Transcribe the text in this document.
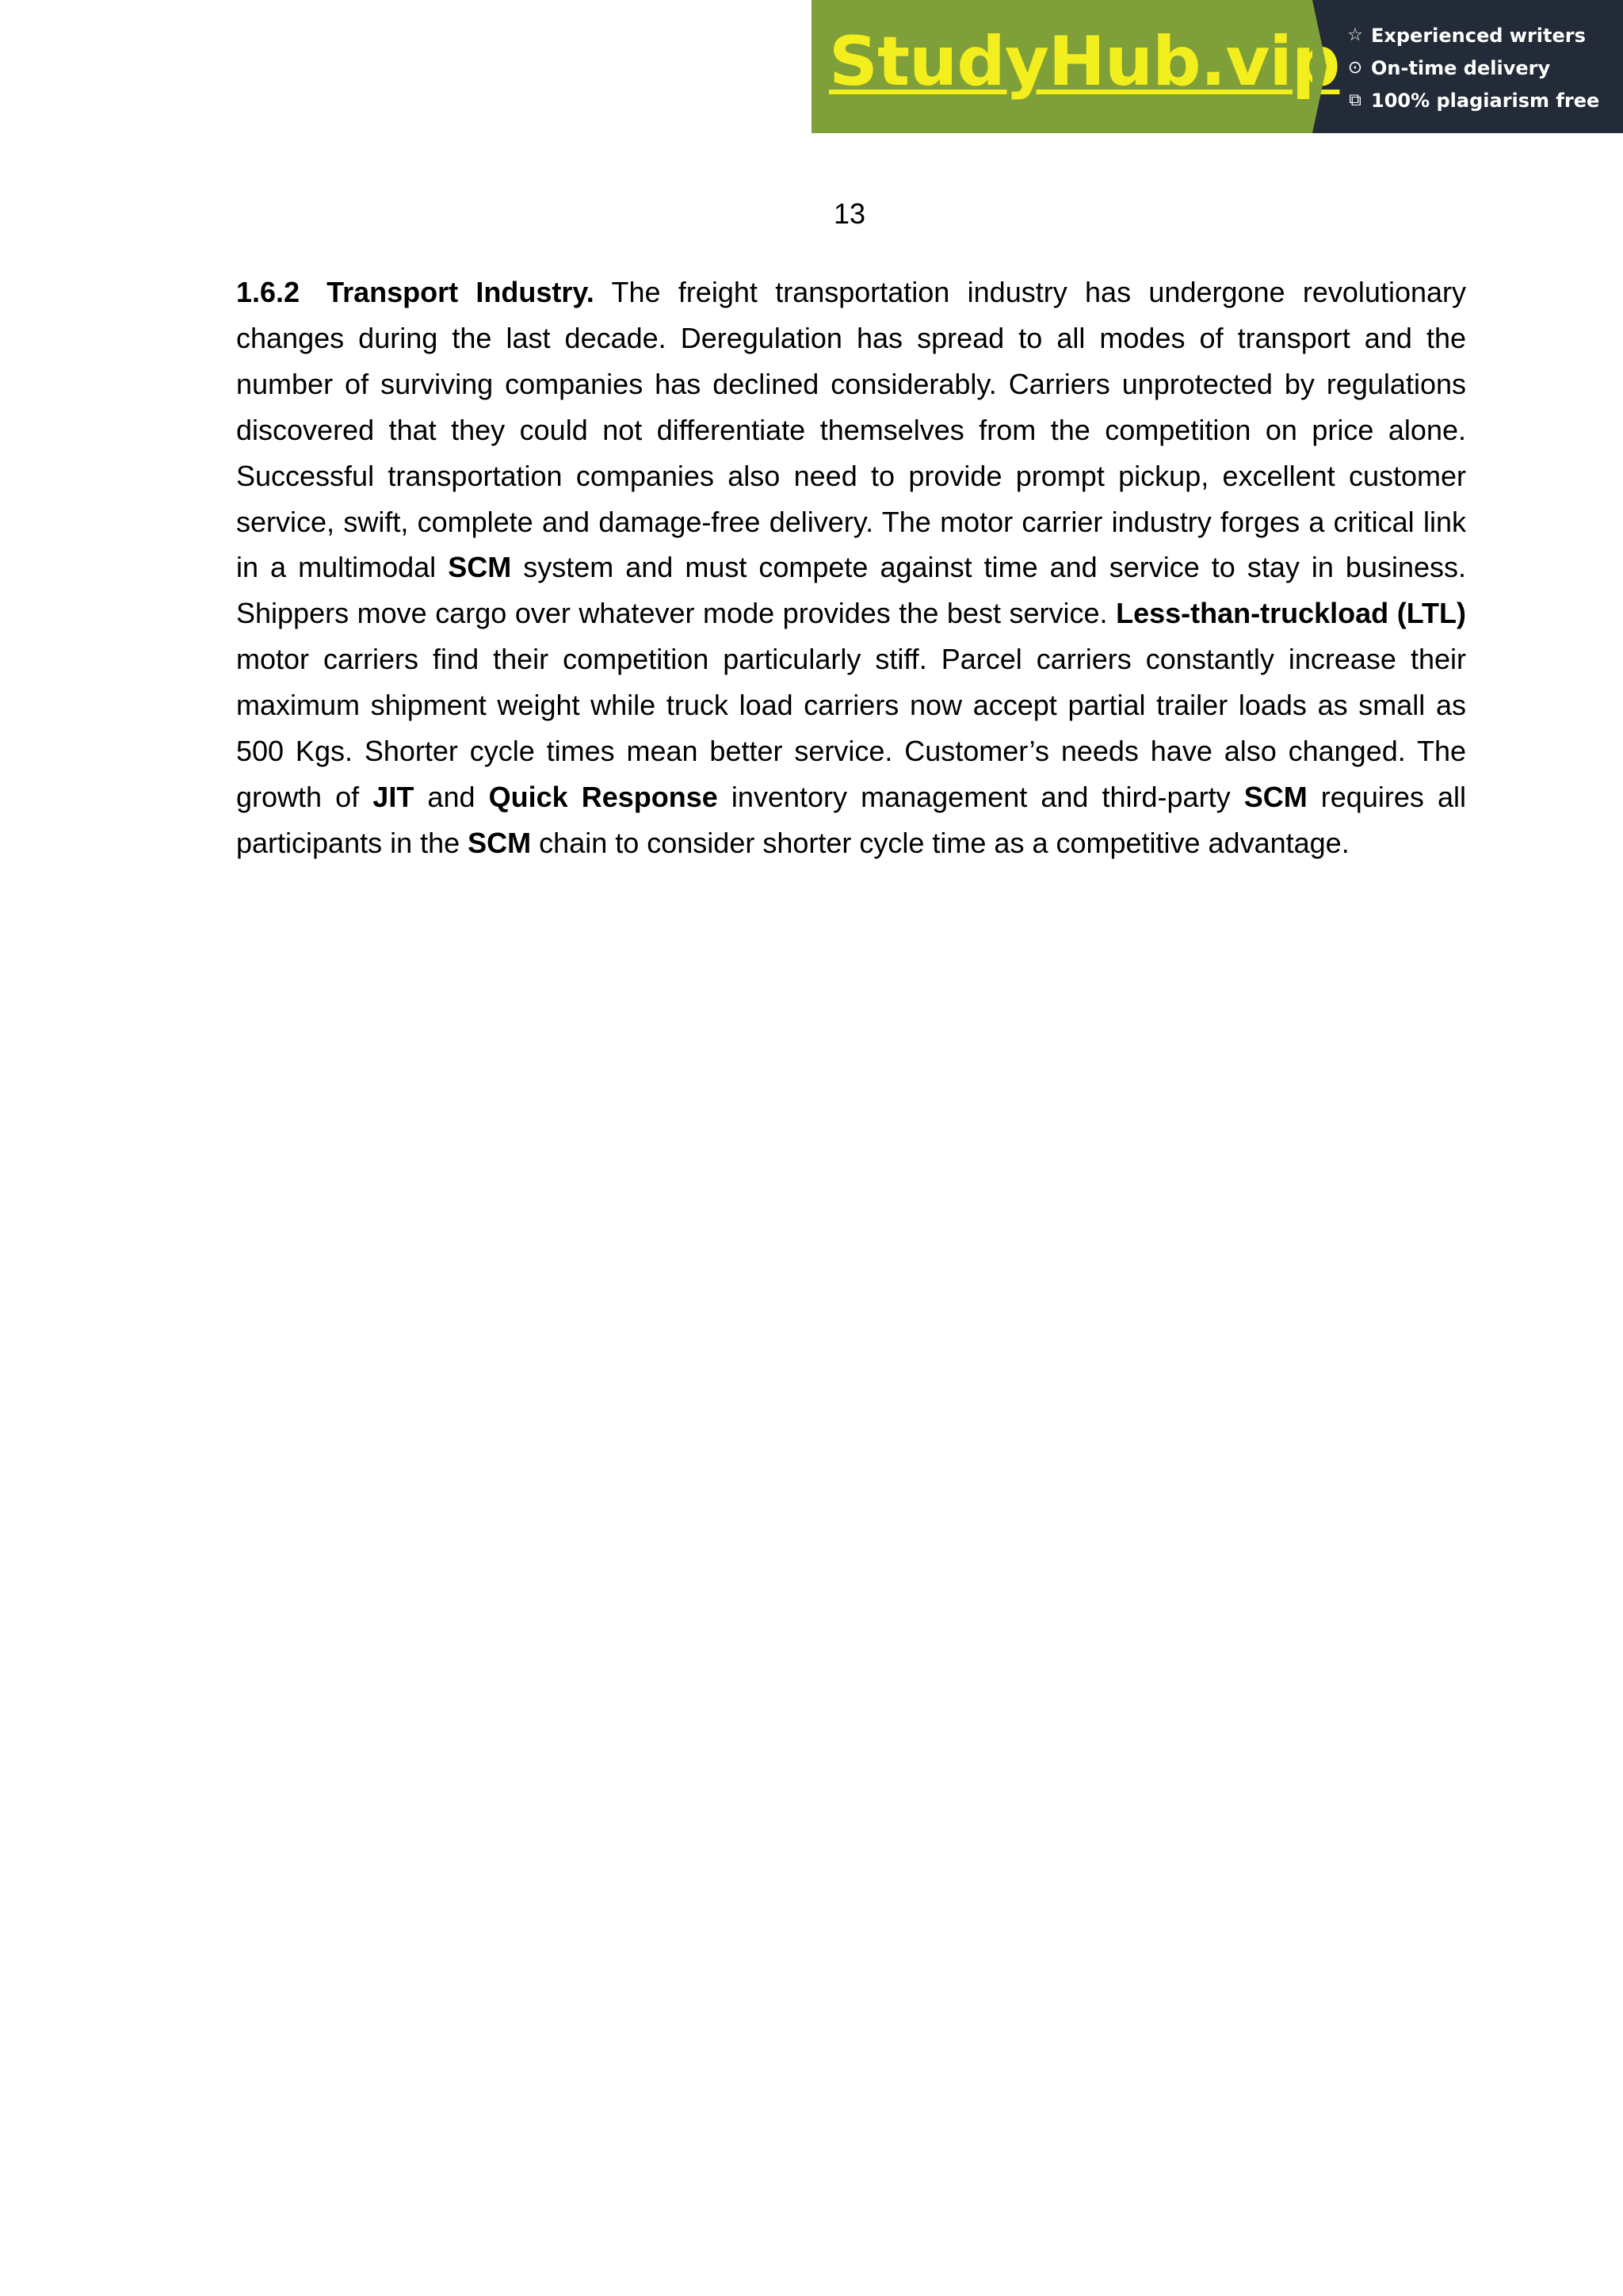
StudyHub.vip ☆ Experienced writers
⊙ On-time delivery
⧉ 100% plagiarism free
13

1.6.2 Transport Industry. The freight transportation industry has undergone revolutionary changes during the last decade. Deregulation has spread to all modes of transport and the number of surviving companies has declined considerably. Carriers unprotected by regulations discovered that they could not differentiate themselves from the competition on price alone. Successful transportation companies also need to provide prompt pickup, excellent customer service, swift, complete and damage-free delivery. The motor carrier industry forges a critical link in a multimodal SCM system and must compete against time and service to stay in business. Shippers move cargo over whatever mode provides the best service. Less-than-truckload (LTL) motor carriers find their competition particularly stiff. Parcel carriers constantly increase their maximum shipment weight while truck load carriers now accept partial trailer loads as small as 500 Kgs. Shorter cycle times mean better service. Customer’s needs have also changed. The growth of JIT and Quick Response inventory management and third-party SCM requires all participants in the SCM chain to consider shorter cycle time as a competitive advantage.
